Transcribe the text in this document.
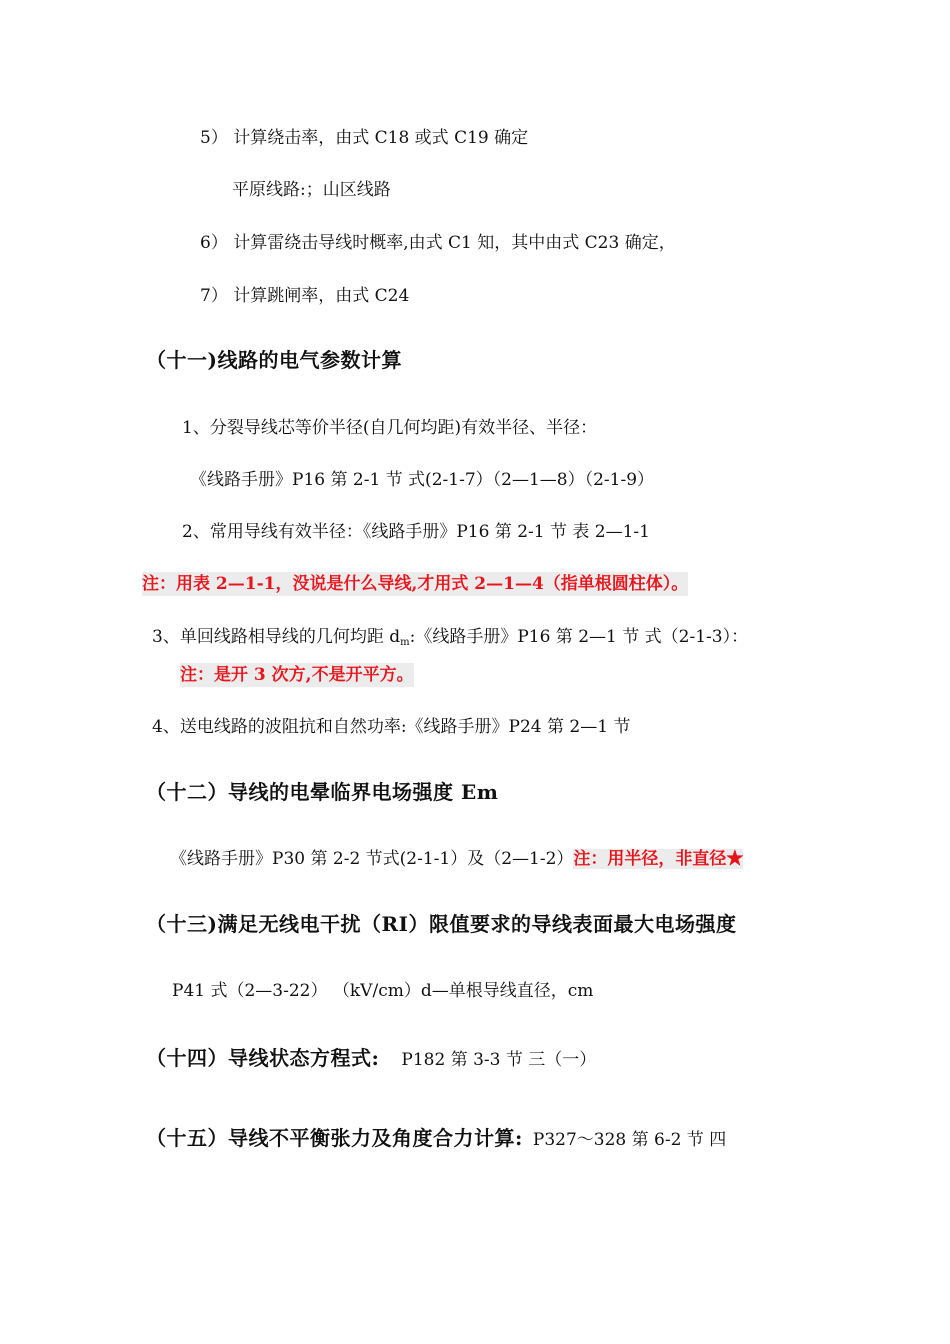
5） 计算绕击率，由式 C18 或式 C19 确定
平原线路:；山区线路
6） 计算雷绕击导线时概率,由式 C1 知，其中由式 C23 确定，
7） 计算跳闸率，由式 C24
（十一)线路的电气参数计算
1、分裂导线芯等价半径(自几何均距)有效半径、半径：
《线路手册》P16 第 2-1 节 式(2-1-7）（2—1—8）（2-1-9）
2、常用导线有效半径：《线路手册》P16 第 2-1 节 表 2—1-1
注：用表 2—1-1，没说是什么导线,才用式 2—1—4（指单根圆柱体）。
3、单回线路相导线的几何均距 $d_m$:《线路手册》P16 第 2—1 节 式（2-1-3）：
注：是开 3 次方,不是开平方。
4、送电线路的波阻抗和自然功率:《线路手册》P24 第 2—1 节
（十二）导线的电晕临界电场强度 Em
《线路手册》P30 第 2-2 节式(2-1-1）及（2—1-2）注：用半径，非直径★
（十三)满足无线电干扰（RI）限值要求的导线表面最大电场强度
P41 式（2—3-22） （kV/cm）d—单根导线直径，cm
（十四）导线状态方程式: P182 第 3-3 节 三（一）
（十五）导线不平衡张力及角度合力计算: P327～328 第 6-2 节 四
